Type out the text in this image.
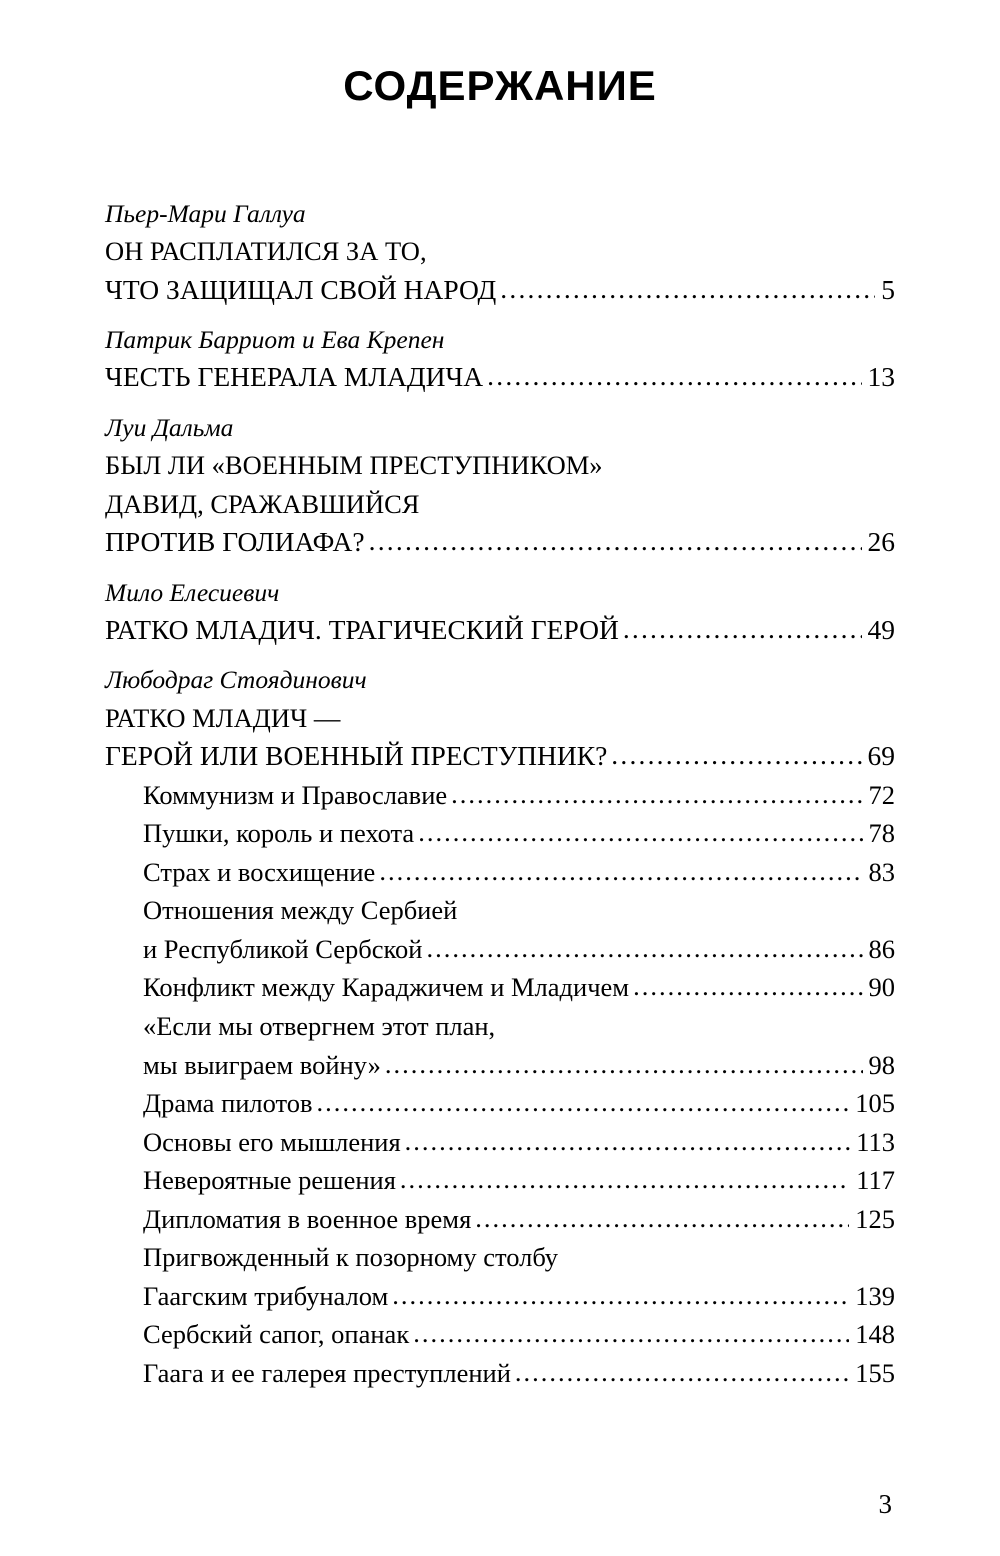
СОДЕРЖАНИЕ
Пьер-Мари Галлуа
ОН РАСПЛАТИЛСЯ ЗА ТО,
ЧТО ЗАЩИЩАЛ СВОЙ НАРОД .....	5
Патрик Барриот и Ева Крепен
ЧЕСТЬ ГЕНЕРАЛА МЛАДИЧА .....	13
Луи Дальма
БЫЛ ЛИ «ВОЕННЫМ ПРЕСТУПНИКОМ»
ДАВИД, СРАЖАВШИЙСЯ
ПРОТИВ ГОЛИАФА? .....	26
Мило Елесиевич
РАТКО МЛАДИЧ. ТРАГИЧЕСКИЙ ГЕРОЙ .....	49
Любодраг Стоядинович
РАТКО МЛАДИЧ —
ГЕРОЙ ИЛИ ВОЕННЫЙ ПРЕСТУПНИК? .....	69
Коммунизм и Православие .....	72
Пушки, король и пехота .....	78
Страх и восхищение .....	83
Отношения между Сербией
и Республикой Сербской .....	86
Конфликт между Караджичем и Младичем .....	90
«Если мы отвергнем этот план,
мы выиграем войну» .....	98
Драма пилотов .....	105
Основы его мышления .....	113
Невероятные решения .....	117
Дипломатия в военное время .....	125
Пригвожденный к позорному столбу
Гаагским трибуналом .....	139
Сербский сапог, опанак .....	148
Гаага и ее галерея преступлений .....	155
3
